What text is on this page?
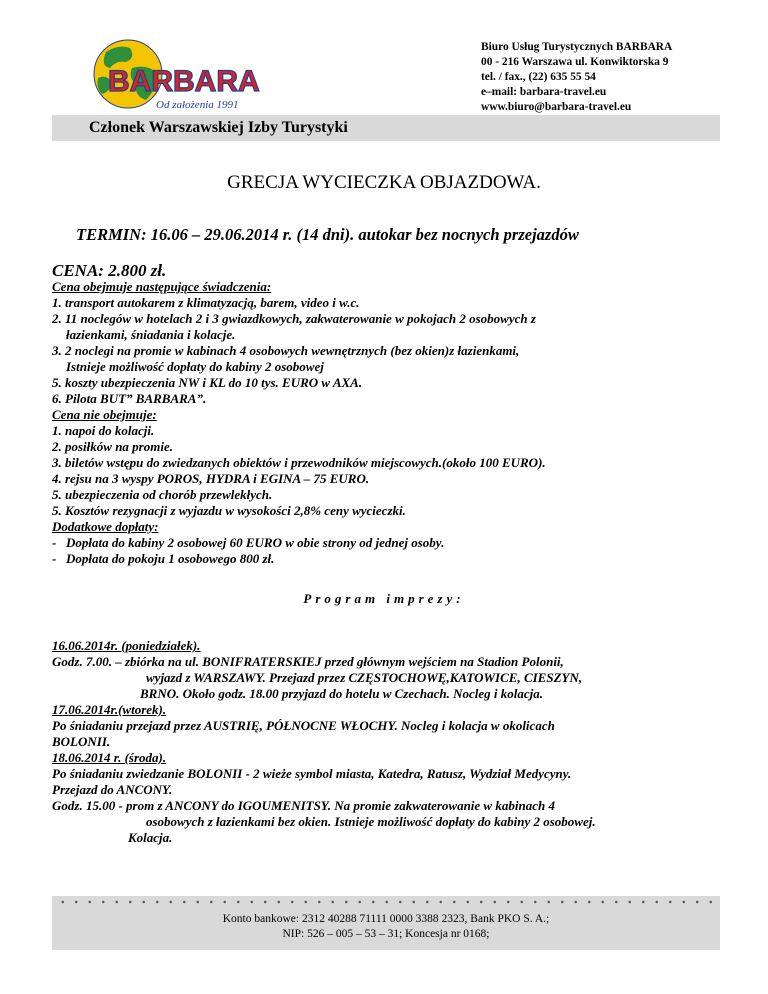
BARBARA
Od założenia 1991
Biuro Usług Turystycznych BARBARA
00 - 216 Warszawa ul. Konwiktorska 9
tel. / fax., (22) 635 55 54
e–mail: barbara-travel.eu
www.biuro@barbara-travel.eu
Członek Warszawskiej Izby Turystyki
GRECJA WYCIECZKA OBJAZDOWA.
TERMIN: 16.06 – 29.06.2014 r. (14 dni). autokar bez nocnych przejazdów
CENA: 2.800 zł.

Cena obejmuje następujące świadczenia:

1. transport autokarem z klimatyzacją, barem, video i w.c.

2. 11 noclegów w hotelach 2 i 3 gwiazdkowych, zakwaterowanie w pokojach 2 osobowych z

łazienkami, śniadania i kolacje.

3. 2 noclegi na promie w kabinach 4 osobowych wewnętrznych (bez okien)z łazienkami,

Istnieje możliwość dopłaty do kabiny 2 osobowej

5. koszty ubezpieczenia NW i KL do 10 tys. EURO w AXA.

6. Pilota BUT” BARBARA”.

Cena nie obejmuje:

1. napoi do kolacji.

2. posiłków na promie.

3. biletów wstępu do zwiedzanych obiektów i przewodników miejscowych.(około 100 EURO).

4. rejsu na 3 wyspy POROS, HYDRA i EGINA – 75 EURO.

5. ubezpieczenia od chorób przewlekłych.

5. Kosztów rezygnacji z wyjazdu w wysokości 2,8% ceny wycieczki.

Dodatkowe dopłaty:

- Dopłata do kabiny 2 osobowej 60 EURO w obie strony od jednej osoby.

- Dopłata do pokoju 1 osobowego 800 zł.

Program imprezy:

16.06.2014r. (poniedziałek).

Godz. 7.00. – zbiórka na ul. BONIFRATERSKIEJ przed głównym wejściem na Stadion Polonii,

wyjazd z WARSZAWY. Przejazd przez CZĘSTOCHOWĘ,KATOWICE, CIESZYN,

BRNO. Około godz. 18.00 przyjazd do hotelu w Czechach. Nocleg i kolacja.

17.06.2014r.(wtorek).

Po śniadaniu przejazd przez AUSTRIĘ, PÓŁNOCNE WŁOCHY. Nocleg i kolacja w okolicach

BOLONII.

18.06.2014 r. (środa).

Po śniadaniu zwiedzanie BOLONII - 2 wieże symbol miasta, Katedra, Ratusz, Wydział Medycyny.

Przejazd do ANCONY.

Godz. 15.00 - prom z ANCONY do IGOUMENITSY. Na promie zakwaterowanie w kabinach 4

osobowych z łazienkami bez okien. Istnieje możliwość dopłaty do kabiny 2 osobowej.

Kolacja.

Konto bankowe: 2312 40288 71111 0000 3388 2323, Bank PKO S. A.;
NIP: 526 – 005 – 53 – 31; Koncesja nr 0168;
